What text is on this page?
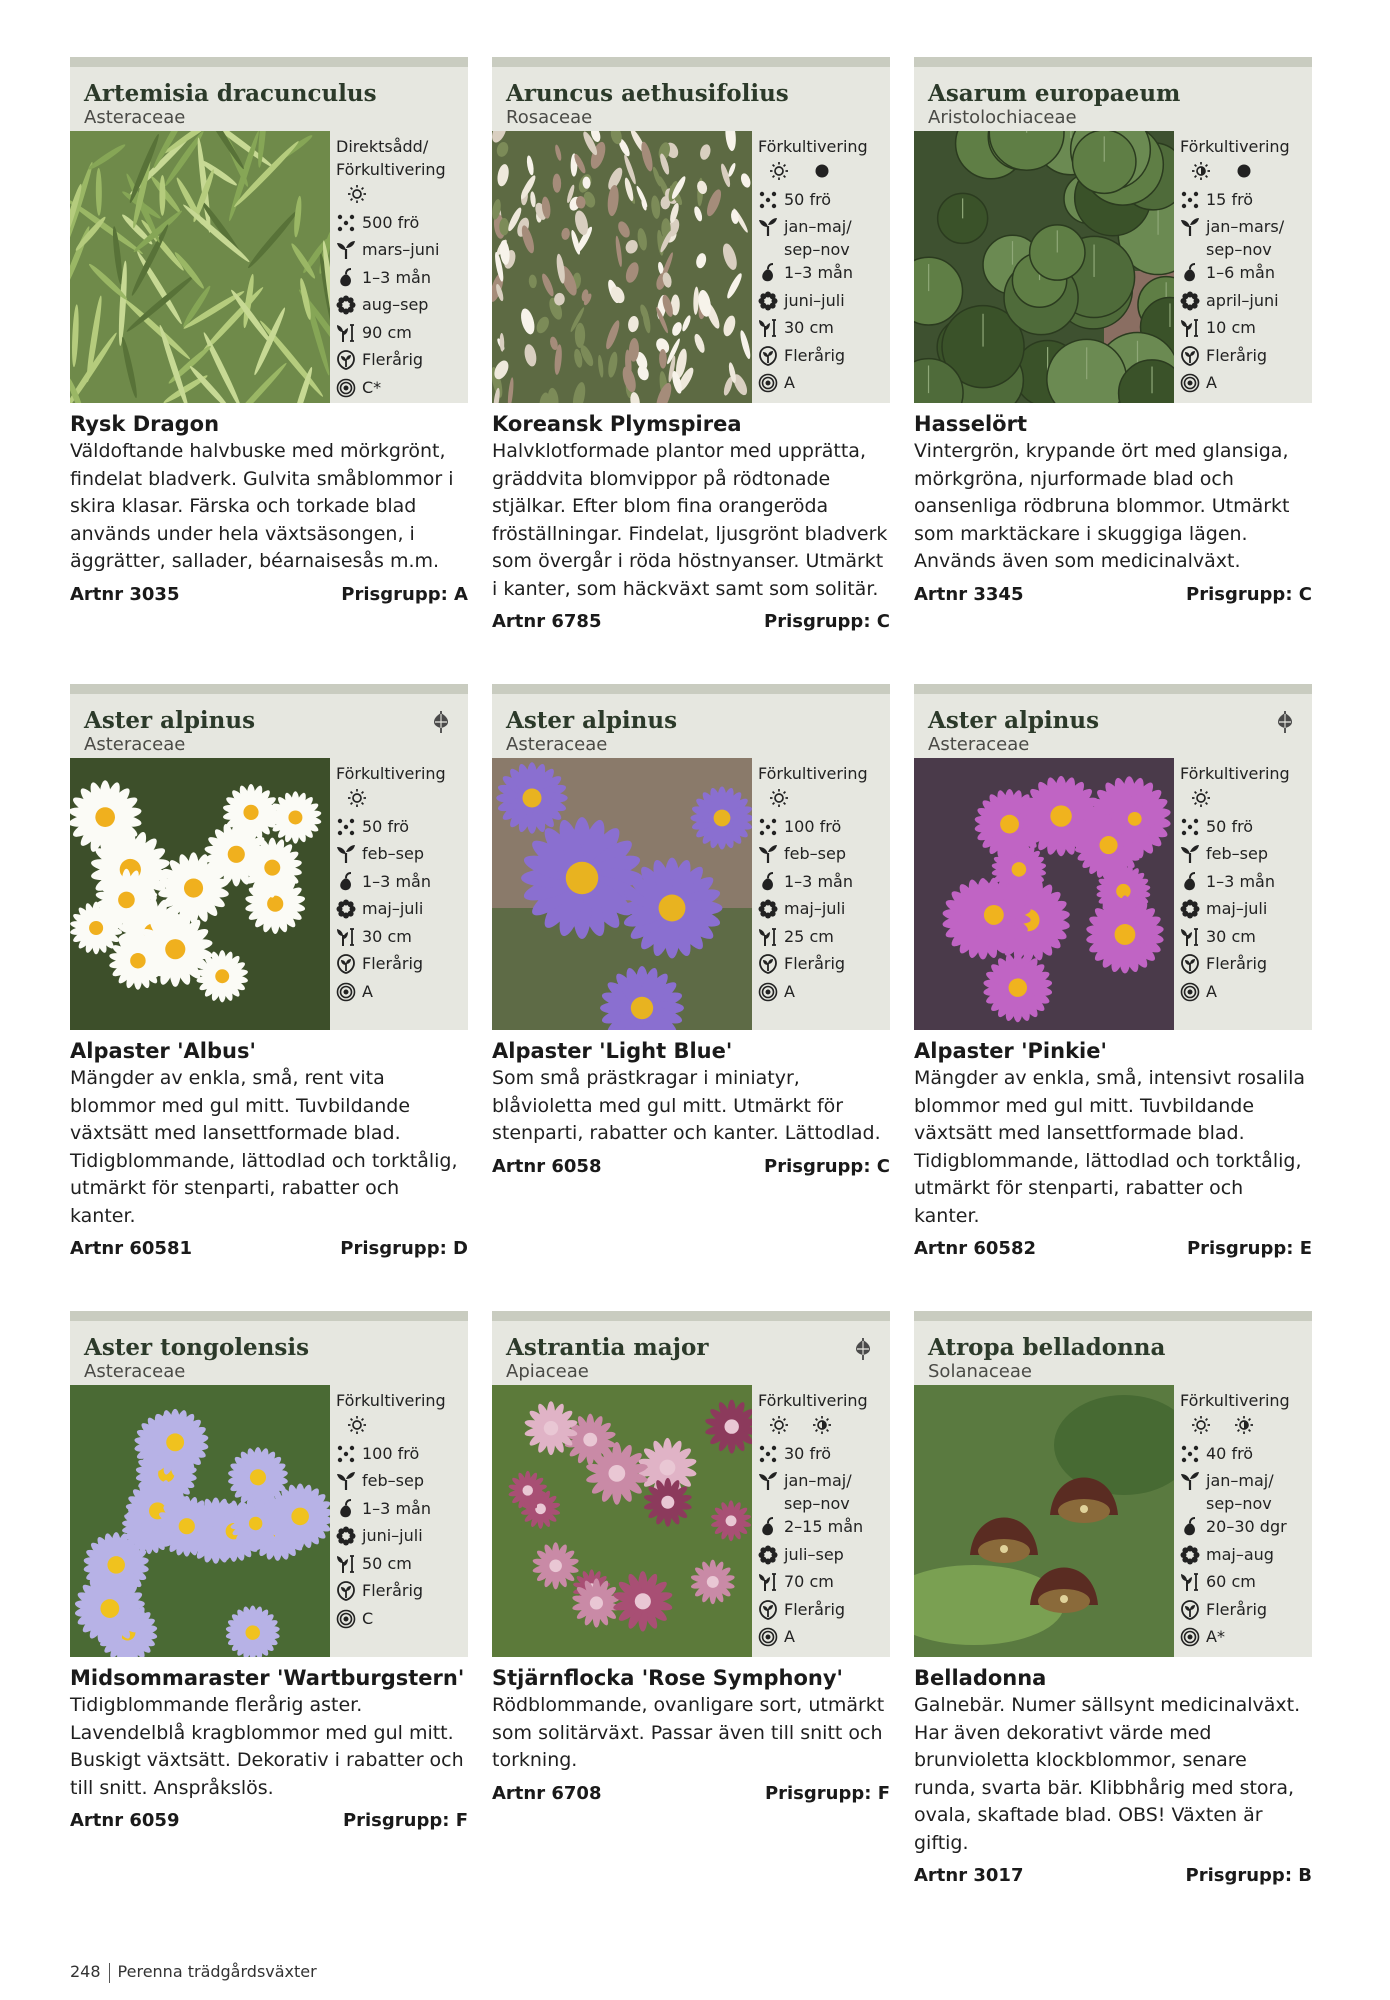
Artemisia dracunculus
Asteraceae
Direktsådd/ Förkultivering
500 frö
mars–juni
1–3 mån
aug–sep
90 cm
Flerårig
C*
Rysk Dragon
Väldoftande halvbuske med mörkgrönt, findelat bladverk. Gulvita småblommor i skira klasar. Färska och torkade blad används under hela växtsäsongen, i äggrätter, sallader, béarnaisesås m.m.
Artnr 3035	Prisgrupp: A
Aruncus aethusifolius
Rosaceae
Förkultivering
50 frö
jan–maj/ sep–nov
1–3 mån
juni–juli
30 cm
Flerårig
A
Koreansk Plymspirea
Halvklotformade plantor med upprätta, gräddvita blomvippor på rödtonade stjälkar. Efter blom fina orangeröda fröställningar. Findelat, ljusgrönt bladverk som övergår i röda höstnyanser. Utmärkt i kanter, som häckväxt samt som solitär.
Artnr 6785	Prisgrupp: C
Asarum europaeum
Aristolochiaceae
Förkultivering
15 frö
jan–mars/ sep–nov
1–6 mån
april–juni
10 cm
Flerårig
A
Hasselört
Vintergrön, krypande ört med glansiga, mörkgröna, njurformade blad och oansenliga rödbruna blommor. Utmärkt som marktäckare i skuggiga lägen. Används även som medicinalväxt.
Artnr 3345	Prisgrupp: C
Aster alpinus
Asteraceae
Förkultivering
50 frö
feb–sep
1–3 mån
maj–juli
30 cm
Flerårig
A
Alpaster 'Albus'
Mängder av enkla, små, rent vita blommor med gul mitt. Tuvbildande växtsätt med lansettformade blad. Tidigblommande, lättodlad och torktålig, utmärkt för stenparti, rabatter och kanter.
Artnr 60581	Prisgrupp: D
Aster alpinus
Asteraceae
Förkultivering
100 frö
feb–sep
1–3 mån
maj–juli
25 cm
Flerårig
A
Alpaster 'Light Blue'
Som små prästkragar i miniatyr, blåvioletta med gul mitt. Utmärkt för stenparti, rabatter och kanter. Lättodlad.
Artnr 6058	Prisgrupp: C
Aster alpinus
Asteraceae
Förkultivering
50 frö
feb–sep
1–3 mån
maj–juli
30 cm
Flerårig
A
Alpaster 'Pinkie'
Mängder av enkla, små, intensivt rosalila blommor med gul mitt. Tuvbildande växtsätt med lansettformade blad. Tidigblommande, lättodlad och torktålig, utmärkt för stenparti, rabatter och kanter.
Artnr 60582	Prisgrupp: E
Aster tongolensis
Asteraceae
Förkultivering
100 frö
feb–sep
1–3 mån
juni–juli
50 cm
Flerårig
C
Midsommaraster 'Wartburgstern'
Tidigblommande flerårig aster. Lavendelblå kragblommor med gul mitt. Buskigt växtsätt. Dekorativ i rabatter och till snitt. Anspråkslös.
Artnr 6059	Prisgrupp: F
Astrantia major
Apiaceae
Förkultivering
30 frö
jan–maj/ sep–nov
2–15 mån
juli–sep
70 cm
Flerårig
A
Stjärnflocka 'Rose Symphony'
Rödblommande, ovanligare sort, utmärkt som solitärväxt. Passar även till snitt och torkning.
Artnr 6708	Prisgrupp: F
Atropa belladonna
Solanaceae
Förkultivering
40 frö
jan–maj/ sep–nov
20–30 dgr
maj–aug
60 cm
Flerårig
A*
Belladonna
Galnebär. Numer sällsynt medicinalväxt. Har även dekorativt värde med brunvioletta klockblommor, senare runda, svarta bär. Klibbhårig med stora, ovala, skaftade blad. OBS! Växten är giftig.
Artnr 3017	Prisgrupp: B
248 Perenna trädgårdsväxter
